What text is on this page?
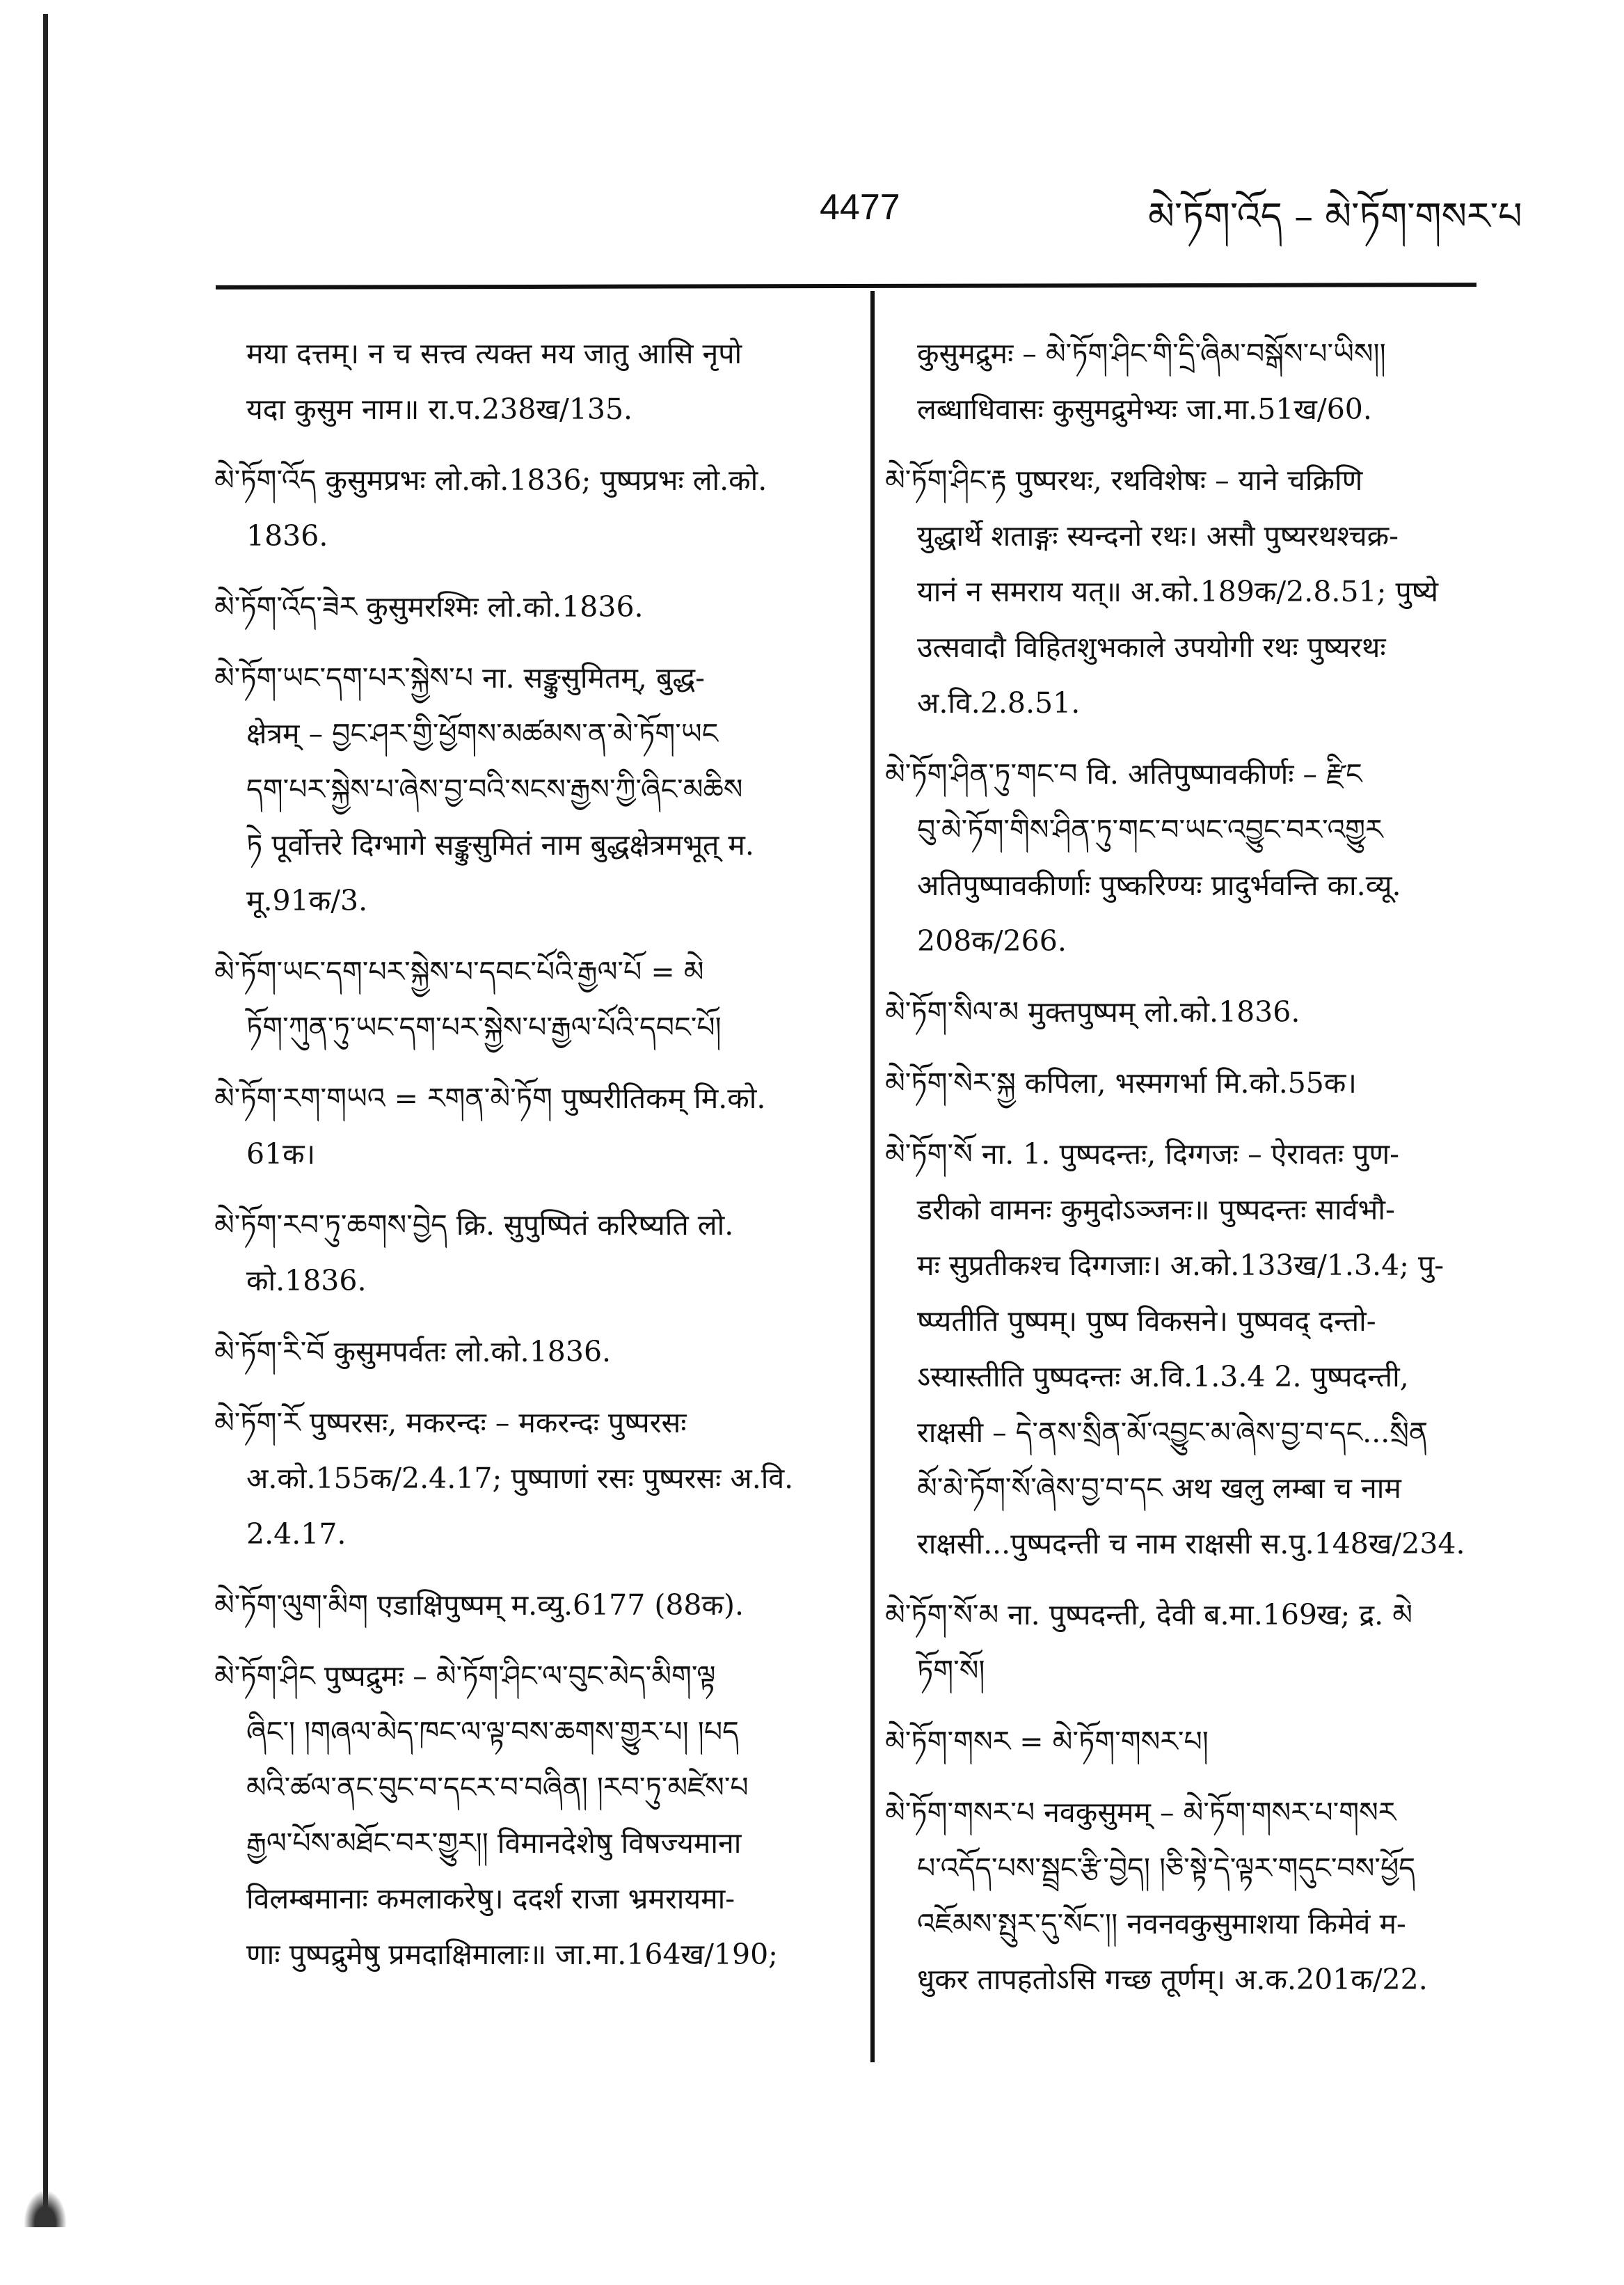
4477	མེ་ཏོག་འོད – མེ་ཏོག་གསར་པ
मया दत्तम्। न च सत्त्व त्यक्त मय जातु आसि नृपो
यदा कुसुम नाम॥ रा.प.238ख/135.
མེ་ཏོག་འོད कुसुमप्रभः लो.को.1836; पुष्पप्रभः लो.को.
1836.
མེ་ཏོག་འོད་ཟེར कुसुमरश्मिः लो.को.1836.
མེ་ཏོག་ཡང་དག་པར་སྐྱེས་པ ना. सङ्कुसुमितम्, बुद्ध-
क्षेत्रम् – བྱང་ཤར་གྱི་ཕྱོགས་མཚམས་ན་མེ་ཏོག་ཡང
དག་པར་སྐྱེས་པ་ཞེས་བྱ་བའི་སངས་རྒྱས་ཀྱི་ཞིང་མཆིས
ཏེ पूर्वोत्तरे दिग्भागे सङ्कुसुमितं नाम बुद्धक्षेत्रमभूत् म.
मू.91क/3.
མེ་ཏོག་ཡང་དག་པར་སྐྱེས་པ་དབང་པོའི་རྒྱལ་པོ = མེ
ཏོག་ཀུན་ཏུ་ཡང་དག་པར་སྐྱེས་པ་རྒྱལ་པོའི་དབང་པོ།
མེ་ཏོག་རག་གཡའ = རགན་མེ་ཏོག पुष्परीतिकम् मि.को.
61क।
མེ་ཏོག་རབ་ཏུ་ཆགས་བྱེད क्रि. सुपुष्पितं करिष्यति लो.
को.1836.
མེ་ཏོག་རི་བོ कुसुमपर्वतः लो.को.1836.
མེ་ཏོག་རོ पुष्परसः, मकरन्दः – मकरन्दः पुष्परसः
अ.को.155क/2.4.17; पुष्पाणां रसः पुष्परसः अ.वि.
2.4.17.
མེ་ཏོག་ལུག་མིག एडाक्षिपुष्पम् म.व्यु.6177 (88क).
མེ་ཏོག་ཤིང पुष्पद्रुमः – མེ་ཏོག་ཤིང་ལ་བུང་མེད་མིག་ལྟ
ཞིང་། །གཞལ་མེད་ཁང་ལ་ལྟ་བས་ཆགས་གྱུར་པ། །པད
མའི་ཚལ་ནང་བུང་བ་དངར་བ་བཞིན། །རབ་ཏུ་མཛེས་པ
རྒྱལ་པོས་མཐོང་བར་གྱུར།། विमानदेशेषु विषज्यमाना
विलम्बमानाः कमलाकरेषु। ददर्श राजा भ्रमरायमा-
णाः पुष्पद्रुमेषु प्रमदाक्षिमालाः॥ जा.मा.164ख/190;
कुसुमद्रुमः – མེ་ཏོག་ཤིང་གི་དྲི་ཞིམ་བསྒོས་པ་ཡིས།།
लब्धाधिवासः कुसुमद्रुमेभ्यः जा.मा.51ख/60.
མེ་ཏོག་ཤིང་རྟ पुष्परथः, रथविशेषः – याने चक्रिणि
युद्धार्थे शताङ्गः स्यन्दनो रथः। असौ पुष्यरथश्चक्र-
यानं न समराय यत्॥ अ.को.189क/2.8.51; पुष्ये
उत्सवादौ विहितशुभकाले उपयोगी रथः पुष्यरथः
अ.वि.2.8.51.
མེ་ཏོག་ཤིན་ཏུ་གང་བ वि. अतिपुष्पावकीर्णः – རྫིང
བུ་མེ་ཏོག་གིས་ཤིན་ཏུ་གང་བ་ཡང་འབྱུང་བར་འགྱུར
अतिपुष्पावकीर्णाः पुष्करिण्यः प्रादुर्भवन्ति का.व्यू.
208क/266.
མེ་ཏོག་སིལ་མ मुक्तपुष्पम् लो.को.1836.
མེ་ཏོག་སེར་སྐྱ कपिला, भस्मगर्भा मि.को.55क।
མེ་ཏོག་སོ ना. 1. पुष्पदन्तः, दिग्गजः – ऐरावतः पुण-
डरीको वामनः कुमुदोऽञ्जनः॥ पुष्पदन्तः सार्वभौ-
मः सुप्रतीकश्च दिग्गजाः। अ.को.133ख/1.3.4; पु-
ष्प्यतीति पुष्पम्। पुष्प विकसने। पुष्पवद् दन्तो-
ऽस्यास्तीति पुष्पदन्तः अ.वि.1.3.4 2. पुष्पदन्ती,
राक्षसी – དེ་ནས་སྲིན་མོ་འབྱུང་མ་ཞེས་བྱ་བ་དང...སྲིན
མོ་མེ་ཏོག་སོ་ཞེས་བྱ་བ་དང अथ खलु लम्बा च नाम
राक्षसी...पुष्पदन्ती च नाम राक्षसी स.पु.148ख/234.
མེ་ཏོག་སོ་མ ना. पुष्पदन्ती, देवी ब.मा.169ख; द्र. མེ
ཏོག་སོ།
མེ་ཏོག་གསར = མེ་ཏོག་གསར་པ།
མེ་ཏོག་གསར་པ नवकुसुमम् – མེ་ཏོག་གསར་པ་གསར
པ་འདོད་པས་སྦྲང་རྩི་བྱེད། །ཅི་སྟེ་དེ་ལྟར་གདུང་བས་ཕྱོད
འཇོམས་སྤུར་དུ་སོང་།། नवनवकुसुमाशया किमेवं म-
धुकर तापहतोऽसि गच्छ तूर्णम्। अ.क.201क/22.
